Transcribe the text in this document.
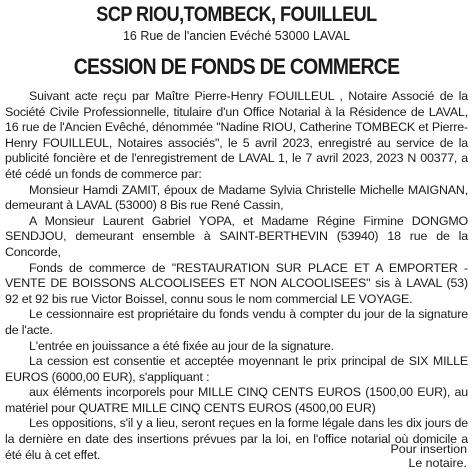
SCP RIOU,TOMBECK, FOUILLEUL
16 Rue de l'ancien Evéché 53000 LAVAL
CESSION DE FONDS DE COMMERCE

Suivant acte reçu par Maître Pierre-Henry FOUILLEUL , Notaire Associé de la Société Civile Professionnelle, titulaire d'un Office Notarial à la Résidence de LAVAL, 16 rue de l'Ancien Evêché, dénommée "Nadine RIOU, Catherine TOMBECK et Pierre-Henry FOUILLEUL, Notaires associés", le 5 avril 2023, enregistré au service de la publicité foncière et de l'enregistrement de LAVAL 1, le 7 avril 2023, 2023 N 00377, a été cédé un fonds de commerce par:

Monsieur Hamdi ZAMIT, époux de Madame Sylvia Christelle Michelle MAIGNAN, demeurant à LAVAL (53000) 8 Bis rue René Cassin,

A Monsieur Laurent Gabriel YOPA, et Madame Régine Firmine DONGMO SENDJOU, demeurant ensemble à SAINT-BERTHEVIN (53940) 18 rue de la Concorde,

Fonds de commerce de "RESTAURATION SUR PLACE ET A EMPORTER - VENTE DE BOISSONS ALCOOLISEES ET NON ALCOOLISEES" sis à LAVAL (53) 92 et 92 bis rue Victor Boissel, connu sous le nom commercial LE VOYAGE.

Le cessionnaire est propriétaire du fonds vendu à compter du jour de la signature de l'acte.

L'entrée en jouissance a été fixée au jour de la signature.

La cession est consentie et acceptée moyennant le prix principal de SIX MILLE EUROS (6000,00 EUR), s'appliquant :

aux éléments incorporels pour MILLE CINQ CENTS EUROS (1500,00 EUR), au matériel pour QUATRE MILLE CINQ CENTS EUROS (4500,00 EUR)

Les oppositions, s'il y a lieu, seront reçues en la forme légale dans les dix jours de la dernière en date des insertions prévues par la loi, en l'office notarial où domicile a été élu à cet effet.	Pour insertion
Le notaire.
